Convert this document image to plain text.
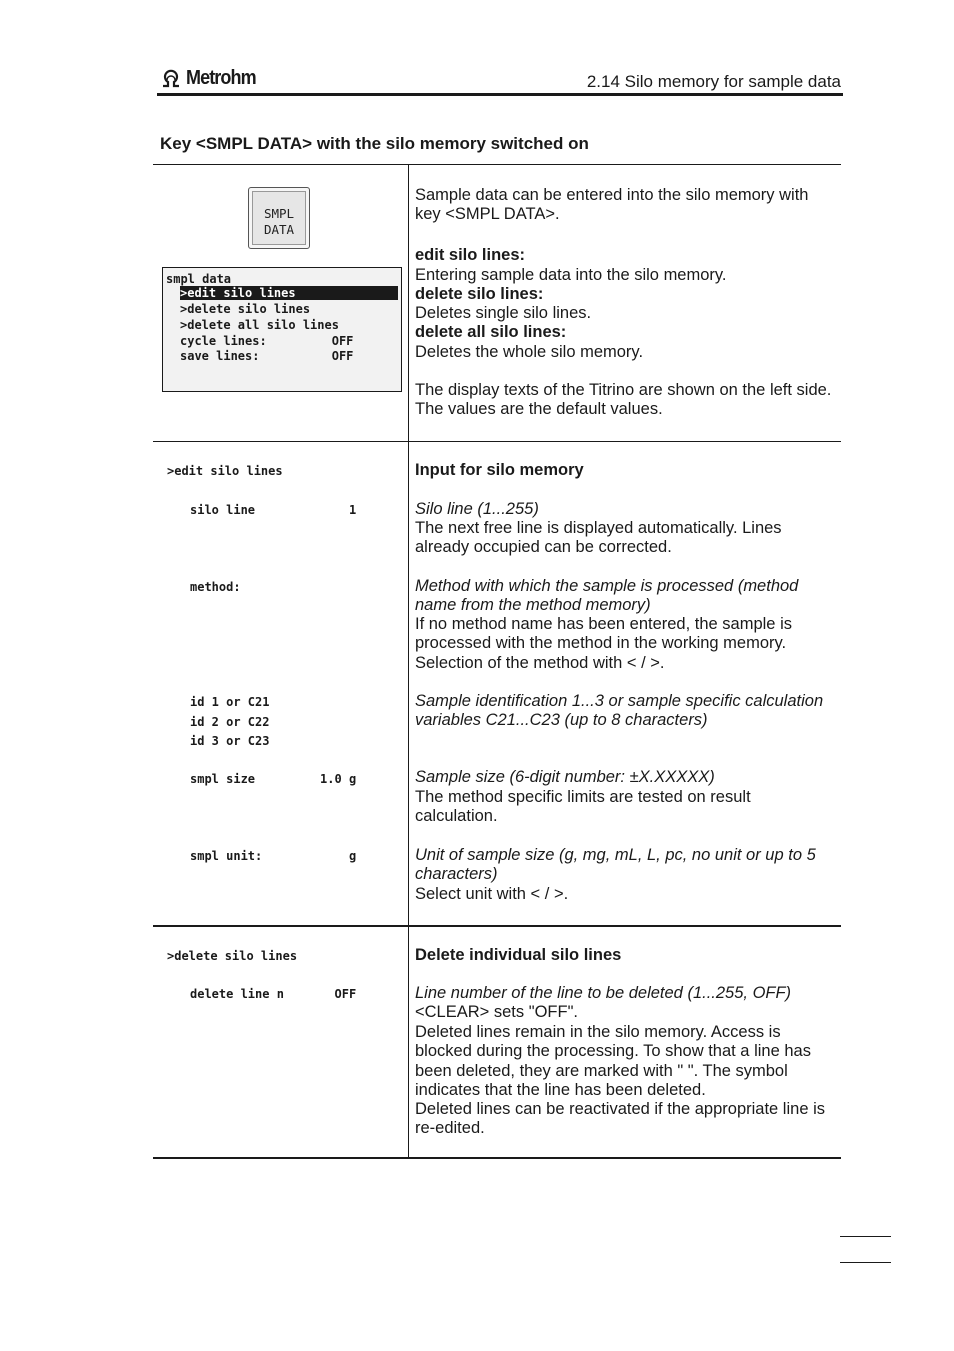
Metrohm	2.14 Silo memory for sample data
Key <SMPL DATA> with the silo memory switched on
SMPL
DATA
smpl data
>edit silo lines
>delete silo lines
>delete all silo lines
cycle lines:         OFF
save lines:          OFF
Sample data can be entered into the silo memory with key <SMPL DATA>.
edit silo lines:
Entering sample data into the silo memory.
delete silo lines:
Deletes single silo lines.
delete all silo lines:
Deletes the whole silo memory.
The display texts of the Titrino are shown on the left side. The values are the default values.
>edit silo lines
silo line             1
method:
id 1 or C21
id 2 or C22
id 3 or C23
smpl size         1.0 g
smpl unit:            g
Input for silo memory
Silo line (1...255)
The next free line is displayed automatically. Lines already occupied can be corrected.
Method with which the sample is processed (method name from the method memory)
If no method name has been entered, the sample is processed with the method in the working memory. Selection of the method with < / >.
Sample identification 1...3 or sample specific calculation variables C21...C23 (up to 8 characters)
Sample size (6-digit number: ±X.XXXXX)
The method specific limits are tested on result calculation.
Unit of sample size (g, mg, mL, L, pc, no unit or up to 5 characters)
Select unit with < / >.
>delete silo lines
delete line n       OFF
Delete individual silo lines
Line number of the line to be deleted (1...255, OFF)
<CLEAR> sets "OFF".
Deleted lines remain in the silo memory. Access is blocked during the processing. To show that a line has been deleted, they are marked with " ". The symbol indicates that the line has been deleted.
Deleted lines can be reactivated if the appropriate line is re-edited.
